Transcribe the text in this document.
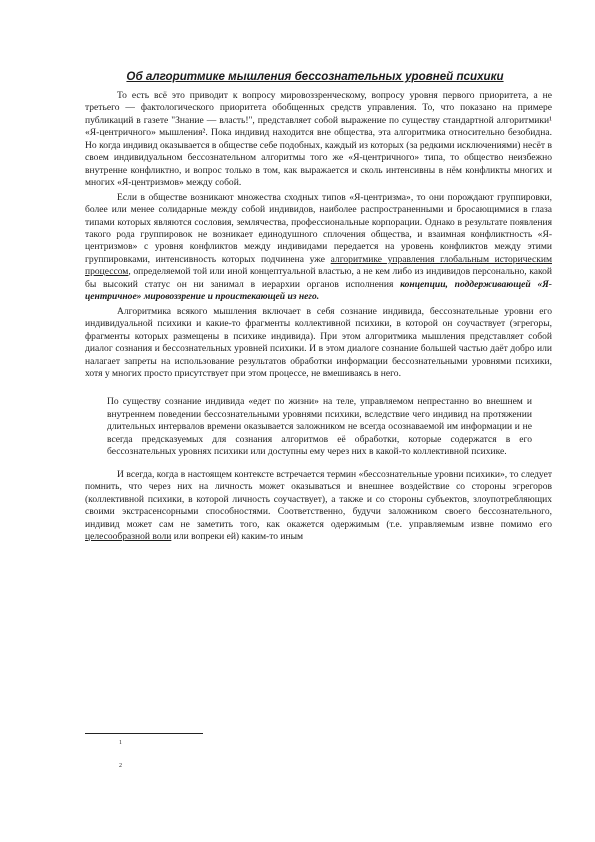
Об алгоритмике мышления бессознательных уровней психики

То есть всё это приводит к вопросу мировоззренческому, вопросу уровня первого приоритета, а не третьего — фактологического приоритета обобщенных средств управления. То, что показано на примере публикаций в газете "Знание — власть!", представляет собой выражение по существу стандартной алгоритмики¹ «Я-центричного» мышления². Пока индивид находится вне общества, эта алгоритмика относительно безобидна. Но когда индивид оказывается в обществе себе подобных, каждый из которых (за редкими исключениями) несёт в своем индивидуальном бессознательном алгоритмы того же «Я-центричного» типа, то общество неизбежно внутренне конфликтно, и вопрос только в том, как выражается и сколь интенсивны в нём конфликты многих и многих «Я-центризмов» между собой.

Если в обществе возникают множества сходных типов «Я-центризма», то они порождают группировки, более или менее солидарные между собой индивидов, наиболее распространенными и бросающимися в глаза типами которых являются сословия, землячества, профессиональные корпорации. Однако в результате появления такого рода группировок не возникает единодушного сплочения общества, и взаимная конфликтность «Я-центризмов» с уровня конфликтов между индивидами передается на уровень конфликтов между этими группировками, интенсивность которых подчинена уже алгоритмике управления глобальным историческим процессом, определяемой той или иной концептуальной властью, а не кем либо из индивидов персонально, какой бы высокий статус он ни занимал в иерархии органов исполнения концепции, поддерживающей «Я-центричное» мировоззрение и проистекающей из него.

Алгоритмика всякого мышления включает в себя сознание индивида, бессознательные уровни его индивидуальной психики и какие-то фрагменты коллективной психики, в которой он соучаствует (эгрегоры, фрагменты которых размещены в психике индивида). При этом алгоритмика мышления представляет собой диалог сознания и бессознательных уровней психики. И в этом диалоге сознание большей частью даёт добро или налагает запреты на использование результатов обработки информации бессознательными уровнями психики, хотя у многих просто присутствует при этом процессе, не вмешиваясь в него.

По существу сознание индивида «едет по жизни» на теле, управляемом непрестанно во внешнем и внутреннем поведении бессознательными уровнями психики, вследствие чего индивид на протяжении длительных интервалов времени оказывается заложником не всегда осознаваемой им информации и не всегда предсказуемых для сознания алгоритмов её обработки, которые содержатся в его бессознательных уровнях психики или доступны ему через них в какой-то коллективной психике.

И всегда, когда в настоящем контексте встречается термин «бессознательные уровни психики», то следует помнить, что через них на личность может оказываться и внешнее воздействие со стороны эгрегоров (коллективной психики, в которой личность соучаствует), а также и со стороны субъектов, злоупотребляющих своими экстрасенсорными способностями. Соответственно, будучи заложником своего бессознательного, индивид может сам не заметить того, как окажется одержимым (т.е. управляемым извне помимо его целесообразной воли или вопреки ей) каким-то иным

1
2
